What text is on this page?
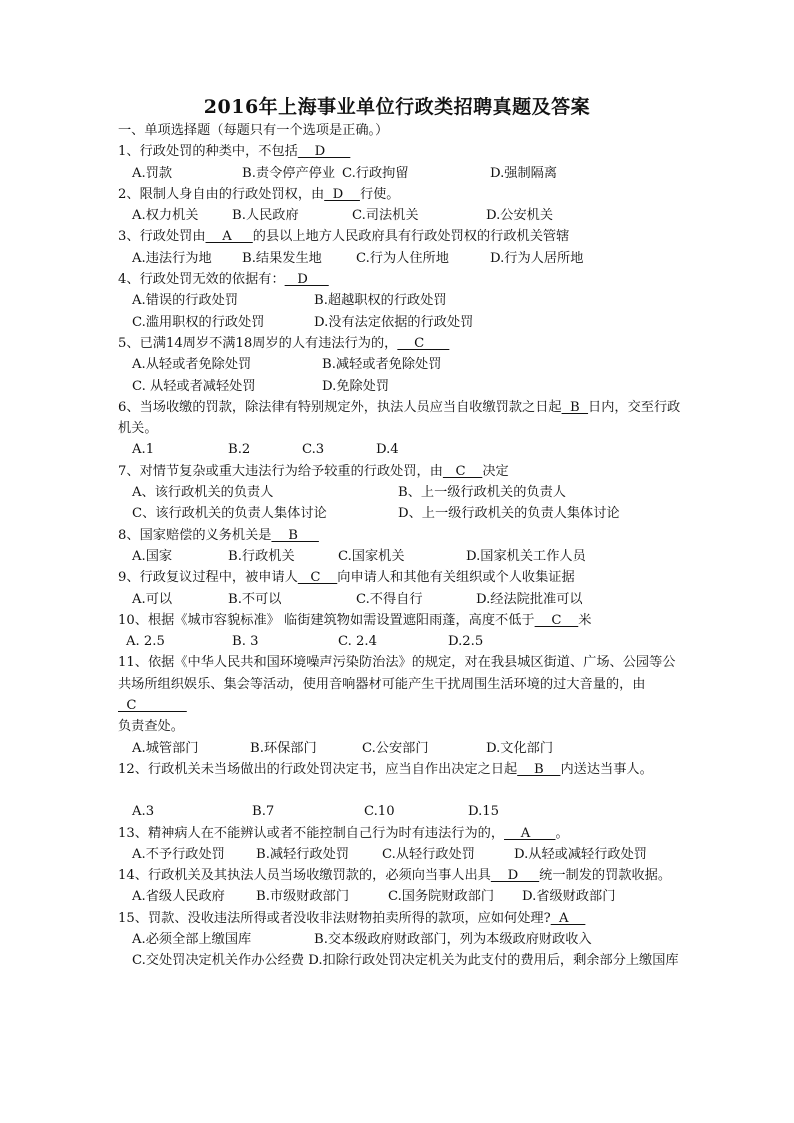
2016年上海事业单位行政类招聘真题及答案
一、单项选择题（每题只有一个选项是正确。）
1、行政处罚的种类中，不包括    D
A.罚款	B.责令停产停业 C.行政拘留	D.强制隔离
2、限制人身自由的行政处罚权，由  D    行使。
A.权力机关	B.人民政府	C.司法机关	D.公安机关
3、行政处罚由    A     的县以上地方人民政府具有行政处罚权的行政机关管辖
A.违法行为地	B.结果发生地	C.行为人住所地	D.行为人居所地
4、行政处罚无效的依据有：   D
A.错误的行政处罚	B.超越职权的行政处罚
C.滥用职权的行政处罚	D.没有法定依据的行政处罚
5、已满14周岁不满18周岁的人有违法行为的，    C
A.从轻或者免除处罚	B.减轻或者免除处罚
C. 从轻或者减轻处罚	D.免除处罚
6、当场收缴的罚款，除法律有特别规定外，执法人员应当自收缴罚款之日起  B  日内，交至行政机关。
A.1	B.2	C.3	D.4
7、对情节复杂或重大违法行为给予较重的行政处罚，由   C    决定
A、该行政机关的负责人	B、上一级行政机关的负责人
C、该行政机关的负责人集体讨论	D、上一级行政机关的负责人集体讨论
8、国家赔偿的义务机关是    B
A.国家	B.行政机关	C.国家机关	D.国家机关工作人员
9、行政复议过程中，被申请人   C    向申请人和其他有关组织或个人收集证据
A.可以	B.不可以	C.不得自行	D.经法院批准可以
10、根据《城市容貌标准》 临街建筑物如需设置遮阳雨蓬，高度不低于    C    米
A. 2.5	B. 3	C. 2.4	D.2.5
11、依据《中华人民共和国环境噪声污染防治法》的规定，对在我县城区街道、广场、公园等公共场所组织娱乐、集会等活动，使用音响器材可能产生干扰周围生活环境的过大音量的，由  C
负责查处。
A.城管部门	B.环保部门	C.公安部门	D.文化部门
12、行政机关未当场做出的行政处罚决定书，应当自作出决定之日起    B    内送达当事人。
A.3	B.7	C.10	D.15
13、精神病人在不能辨认或者不能控制自己行为时有违法行为的，    A      。
A.不予行政处罚	B.减轻行政处罚	C.从轻行政处罚	D.从轻或减轻行政处罚
14、行政机关及其执法人员当场收缴罚款的，必须向当事人出具    D     统一制发的罚款收据。
A.省级人民政府	B.市级财政部门	C.国务院财政部门	D.省级财政部门
15、罚款、没收违法所得或者没收非法财物拍卖所得的款项，应如何处理?  A
A.必须全部上缴国库	B.交本级政府财政部门，列为本级政府财政收入
C.交处罚决定机关作办公经费 D.扣除行政处罚决定机关为此支付的费用后，剩余部分上缴国库
